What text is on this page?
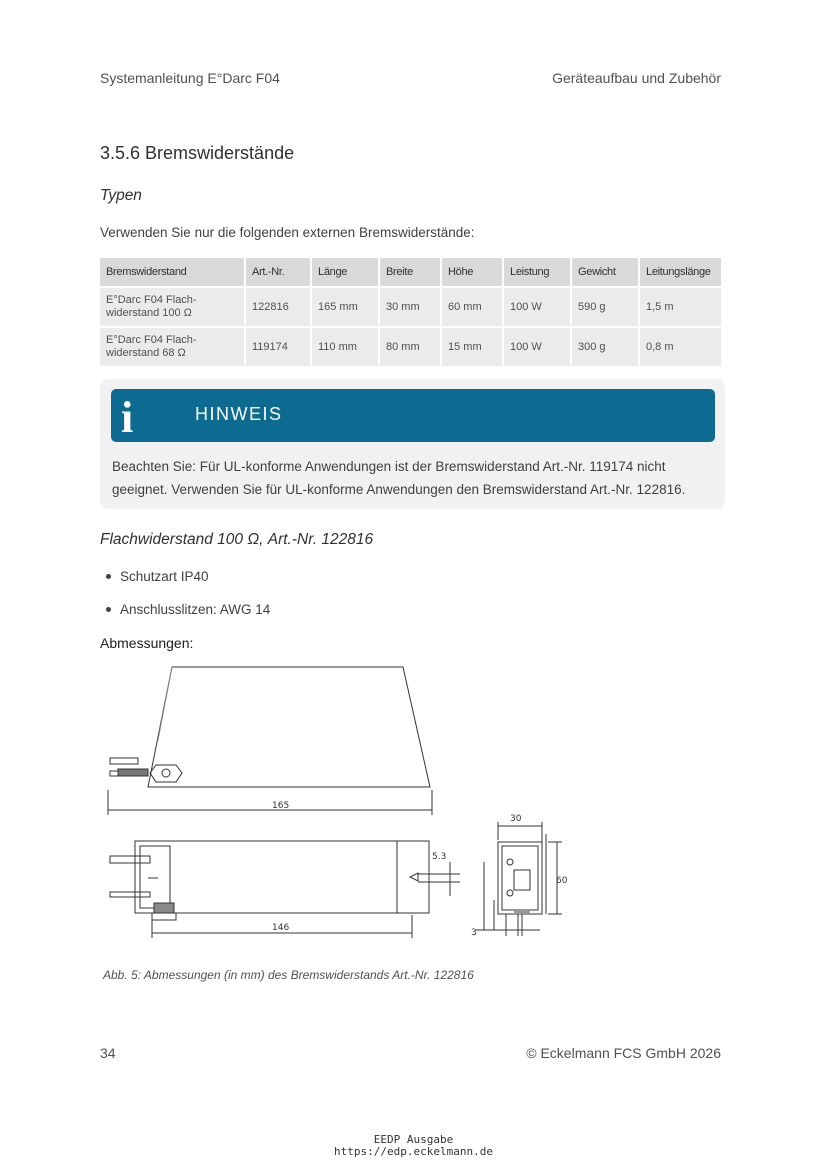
Systemanleitung E°Darc F04	Geräteaufbau und Zubehör
3.5.6 Bremswiderstände
Typen
Verwenden Sie nur die folgenden externen Bremswiderstände:
Bremswiderstand	Art.-Nr.	Länge	Breite	Höhe	Leistung	Gewicht	Leitungslänge
E°Darc F04 Flach-
widerstand 100 Ω	122816	165 mm	30 mm	60 mm	100 W	590 g	1,5 m
E°Darc F04 Flach-
widerstand 68 Ω	119174	110 mm	80 mm	15 mm	100 W	300 g	0,8 m
i	HINWEIS
Beachten Sie: Für UL-konforme Anwendungen ist der Bremswiderstand Art.-Nr. 119174 nicht geeignet. Verwenden Sie für UL-konforme Anwendungen den Bremswiderstand Art.-Nr. 122816.
Flachwiderstand 100 Ω, Art.-Nr. 122816
Schutzart IP40
Anschlusslitzen: AWG 14
Abmessungen:
165
146
30
60
5.3
3
Abb. 5: Abmessungen (in mm) des Bremswiderstands Art.-Nr. 122816
34	© Eckelmann FCS GmbH 2026
EEDP Ausgabe
https://edp.eckelmann.de
